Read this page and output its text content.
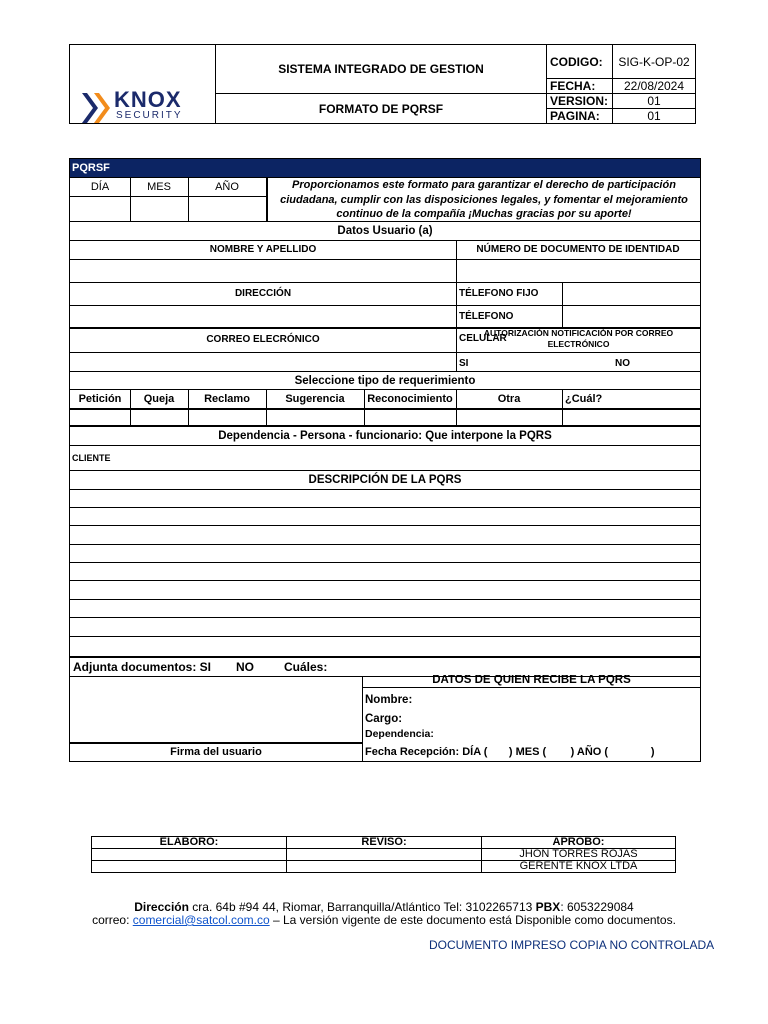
KNOX
SECURITY	SISTEMA INTEGRADO DE GESTION	CODIGO:	SIG-K-OP-02
		FECHA:	22/08/2024
	FORMATO DE PQRSF	VERSION:	01
		PAGINA:	01
PQRSF
DÍA	MES	AÑO	Proporcionamos este formato para garantizar el derecho de participación ciudadana, cumplir con las disposiciones legales, y fomentar el mejoramiento continuo de la compañía ¡Muchas gracias por su aporte!
Datos Usuario (a)
NOMBRE Y APELLIDO	NÚMERO DE DOCUMENTO DE IDENTIDAD
DIRECCIÓN	TÉLEFONO FIJO
TÉLEFONO CELULAR
CORREO ELECRÓNICO
AUTORIZACIÓN NOTIFICACIÓN POR CORREO ELECTRÓNICO
SI	NO
Seleccione tipo de requerimiento
Petición	Queja	Reclamo	Sugerencia	Reconocimiento	Otra	¿Cuál?
Dependencia - Persona - funcionario: Que interpone la PQRS
CLIENTE
DESCRIPCIÓN DE LA PQRS
Adjunta documentos: SI	NO	Cuáles:
DATOS DE QUIEN RECIBE LA PQRS
Nombre:
Cargo:
Dependencia:
Firma del usuario	Fecha Recepción: DÍA (       ) MES (        ) AÑO (              )
ELABORO:	REVISO:	APROBO:
		JHON TORRES ROJAS
		GERENTE KNOX LTDA
Dirección cra. 64b #94 44, Riomar, Barranquilla/Atlántico Tel: 3102265713 PBX: 6053229084
correo: comercial@satcol.com.co – La versión vigente de este documento está Disponible como documentos.
DOCUMENTO IMPRESO COPIA NO CONTROLADA
